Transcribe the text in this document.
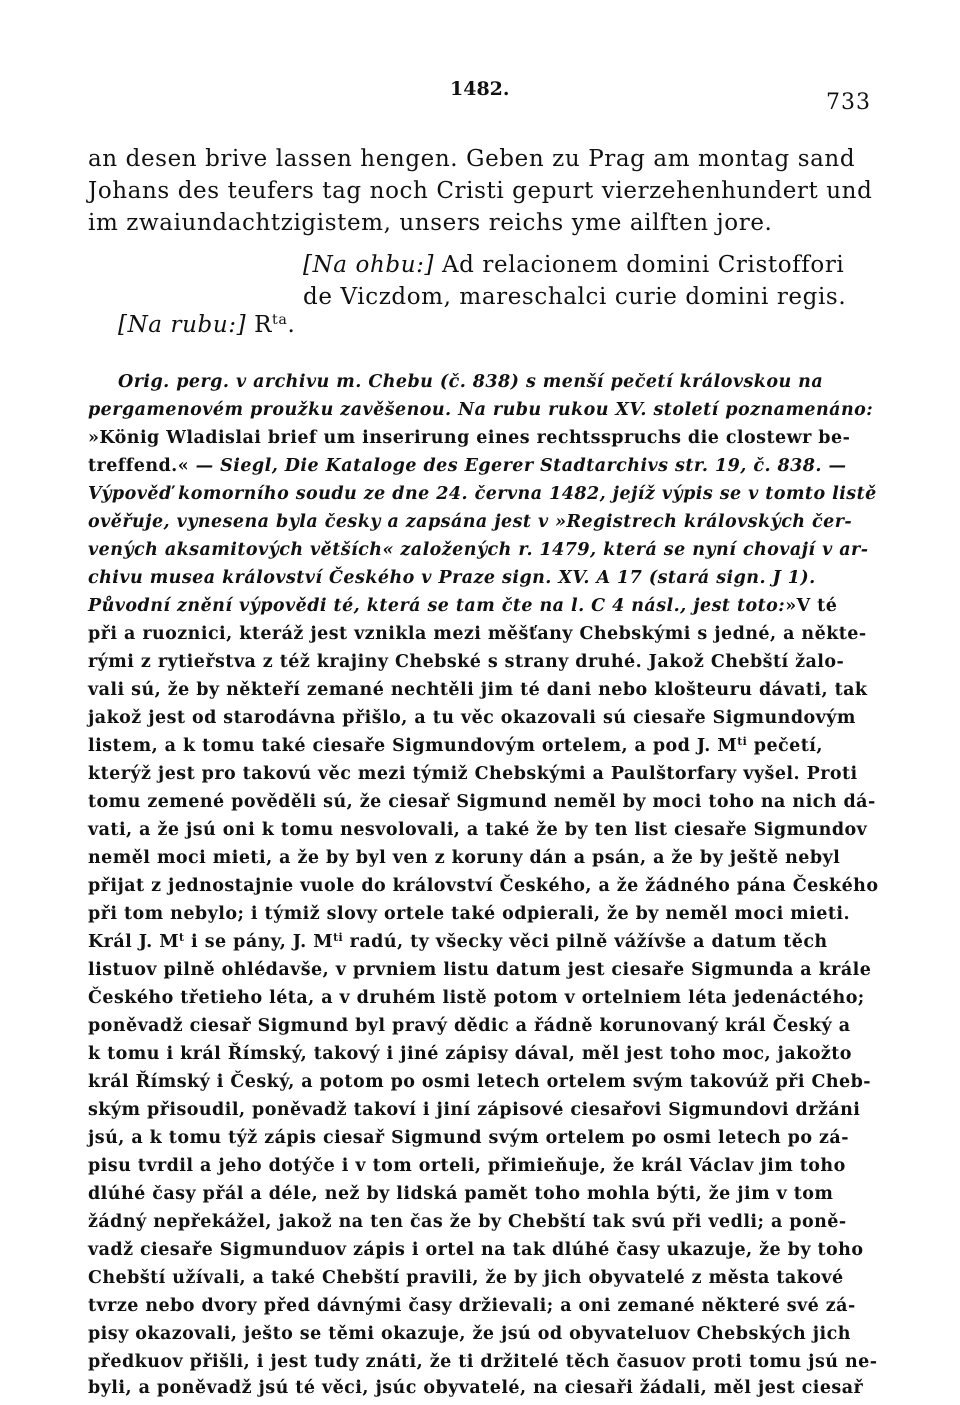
1482.
733
an desen brive lassen hengen. Geben zu Prag am montag sand
Johans des teufers tag noch Cristi gepurt vierzehenhundert und
im zwaiundachtzigistem, unsers reichs yme ailften jore.
[Na ohbu:] Ad relacionem domini Cristoffori
de Viczdom, mareschalci curie domini regis.
[Na rubu:] $R^{ta}$.
Orig. perg. v archivu m. Chebu (č. 838) s menší pečetí královskou na
pergamenovém proužku zavěšenou. Na rubu rukou XV. století poznamenáno:
»König Wladislai brief um inserirung eines rechtsspruchs die clostewr be-
treffend.« — Siegl, Die Kataloge des Egerer Stadtarchivs str. 19, č. 838. —
Výpověď komorního soudu ze dne 24. června 1482, jejíž výpis se v tomto listě
ověřuje, vynesena byla česky a zapsána jest v »Registrech královských čer-
vených aksamitových větších« založených r. 1479, která se nyní chovají v ar-
chivu musea království Českého v Praze sign. XV. A 17 (stará sign. J 1).
Původní znění výpovědi té, která se tam čte na l. C 4 násl., jest toto:»V té
při a ruoznici, kteráž jest vznikla mezi měšťany Chebskými s jedné, a někte-
rými z rytieřstva z též krajiny Chebské s strany druhé. Jakož Chebští žalo-
vali sú, že by někteří zemané nechtěli jim té dani nebo klošteuru dávati, tak
jakož jest od starodávna přišlo, a tu věc okazovali sú ciesaře Sigmundovým
listem, a k tomu také ciesaře Sigmundovým ortelem, a pod J. $M^{ti}$ pečetí,
kterýž jest pro takovú věc mezi týmiž Chebskými a Paulštorfary vyšel. Proti
tomu zemené pověděli sú, že ciesař Sigmund neměl by moci toho na nich dá-
vati, a že jsú oni k tomu nesvolovali, a také že by ten list ciesaře Sigmundov
neměl moci mieti, a že by byl ven z koruny dán a psán, a že by ještě nebyl
přijat z jednostajnie vuole do království Českého, a že žádného pána Českého
při tom nebylo; i týmiž slovy ortele také odpierali, že by neměl moci mieti.
Král J. $M^t$ i se pány, J. $M^{ti}$ radú, ty všecky věci pilně vážívše a datum těch
listuov pilně ohlédavše, v prvniem listu datum jest ciesaře Sigmunda a krále
Českého třetieho léta, a v druhém listě potom v ortelniem léta jedenáctého;
poněvadž ciesař Sigmund byl pravý dědic a řádně korunovaný král Český a
k tomu i král Římský, takový i jiné zápisy dával, měl jest toho moc, jakožto
král Římský i Český, a potom po osmi letech ortelem svým takovúž při Cheb-
ským přisoudil, poněvadž takoví i jiní zápisové ciesařovi Sigmundovi držáni
jsú, a k tomu týž zápis ciesař Sigmund svým ortelem po osmi letech po zá-
pisu tvrdil a jeho dotýče i v tom orteli, přimieňuje, že král Václav jim toho
dlúhé časy přál a déle, než by lidská pamět toho mohla býti, že jim v tom
žádný nepřekážel, jakož na ten čas že by Chebští tak svú při vedli; a poně-
vadž ciesaře Sigmunduov zápis i ortel na tak dlúhé časy ukazuje, že by toho
Chebští užívali, a také Chebští pravili, že by jich obyvatelé z města takové
tvrze nebo dvory před dávnými časy držievali; a oni zemané některé své zá-
pisy okazovali, ješto se těmi okazuje, že jsú od obyvateluov Chebských jich
předkuov přišli, i jest tudy znáti, že ti držitelé těch časuov proti tomu jsú ne-
byli, a poněvadž jsú té věci, jsúc obyvatelé, na ciesaři žádali, měl jest ciesař
